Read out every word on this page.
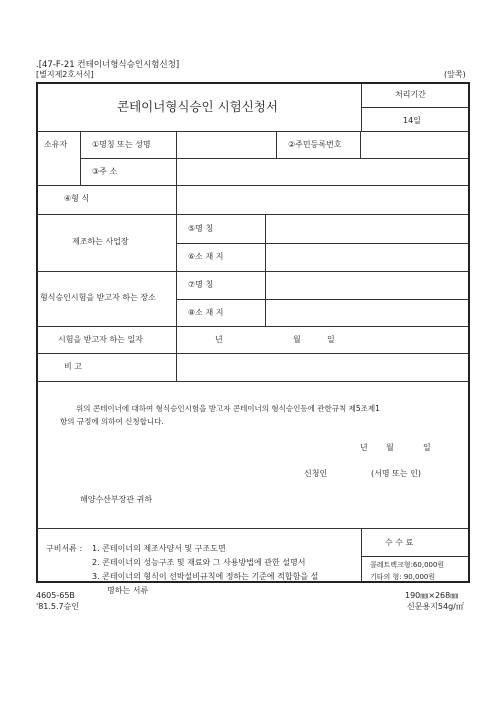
.[47-F-21 컨테이너형식승인시험신청]
[별지제2호서식]	(앞쪽)
콘테이너형식승인 시험신청서
처리기간
14일
소유자	①명칭 또는 성명	②주민등록번호
③주 소
④형 식
제조하는 사업장
⑤명 칭
⑥소 재 지
형식승인시험을 받고자 하는 장소
⑦명 칭
⑧소 재 지
시험을 받고자 하는 일자	년	월	일
비 고
위의 콘테이너에 대하여 형식승인시험을 받고자 콘테이너의 형식승인등에 관한규칙 제5조제1
항의 규정에 의하여 신청합니다.
년 월	일
신청인	(서명 또는 인)
해양수산부장관 귀하
구비서류 : 1. 콘테이너의 제조사양서 및 구조도면
2. 콘테이너의 성능구조 및 재료와 그 사용방법에 관한 설명서
3. 콘테이너의 형식이 선박설비규칙에 정하는 기준에 적합함을 설
명하는 서류
수 수 료
콜레트렉크형:60,000원
기타의 형: 90,000원
4605-65B
'81.5.7승인
190㎜×268㎜
신문용지54g/㎡
